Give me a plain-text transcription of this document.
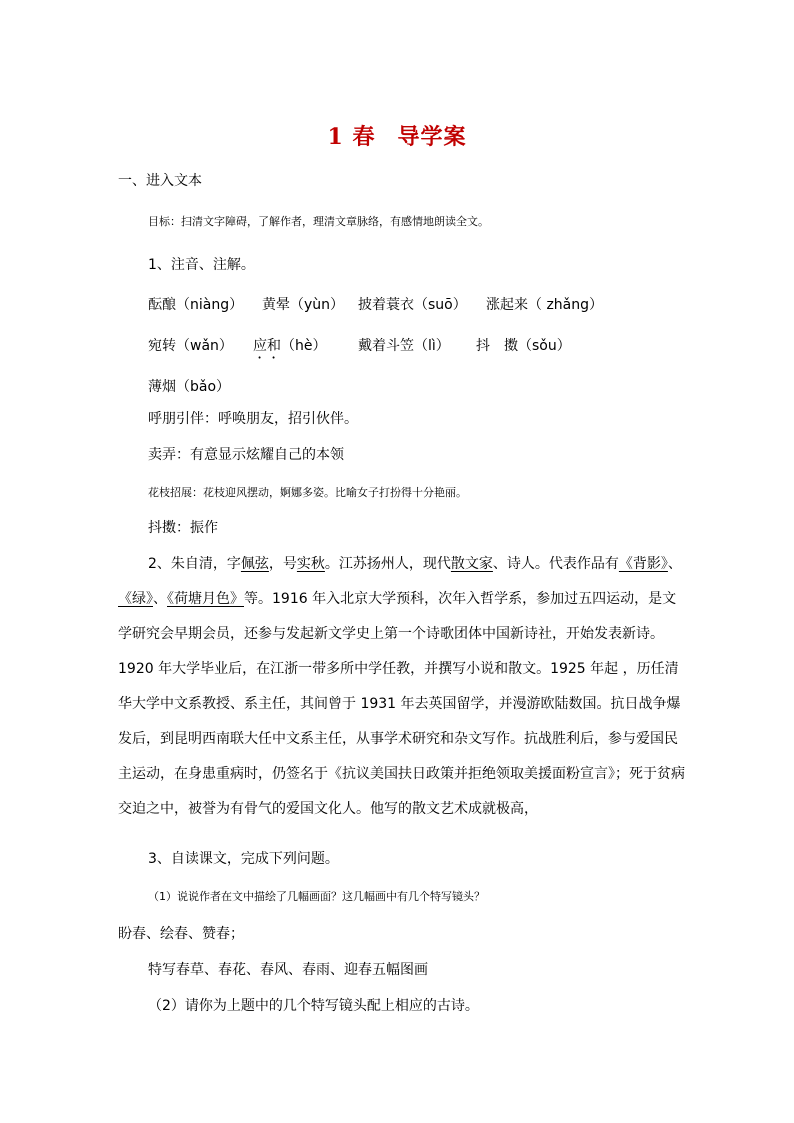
1 春 导学案
一、进入文本
目标：扫清文字障碍，了解作者，理清文章脉络，有感情地朗读全文。
1、注音、注解。
酝酿（niàng） 黄晕（yùn） 披着蓑衣（suō） 涨起来（ zhǎng）
宛转（wǎn） 应和（hè） 戴着斗笠（lì） 抖　擞（sǒu）
薄烟（bǎo）
呼朋引伴：呼唤朋友，招引伙伴。
卖弄：有意显示炫耀自己的本领
花枝招展：花枝迎风摆动，婀娜多姿。比喻女子打扮得十分艳丽。
抖擞：振作
2、朱自清，字佩弦，号实秋。江苏扬州人，现代散文家、诗人。代表作品有《背影》、《绿》、《荷塘月色》等。1916 年入北京大学预科，次年入哲学系，参加过五四运动，是文学研究会早期会员，还参与发起新文学史上第一个诗歌团体中国新诗社，开始发表新诗。1920 年大学毕业后，在江浙一带多所中学任教，并撰写小说和散文。1925 年起 ，历任清华大学中文系教授、系主任，其间曾于 1931 年去英国留学，并漫游欧陆数国。抗日战争爆发后，到昆明西南联大任中文系主任，从事学术研究和杂文写作。抗战胜利后，参与爱国民主运动，在身患重病时，仍签名于《抗议美国扶日政策并拒绝领取美援面粉宣言》；死于贫病交迫之中，被誉为有骨气的爱国文化人。他写的散文艺术成就极高，
3、自读课文，完成下列问题。
（1）说说作者在文中描绘了几幅画面？这几幅画中有几个特写镜头？
盼春、绘春、赞春；
特写春草、春花、春风、春雨、迎春五幅图画
（2）请你为上题中的几个特写镜头配上相应的古诗。
